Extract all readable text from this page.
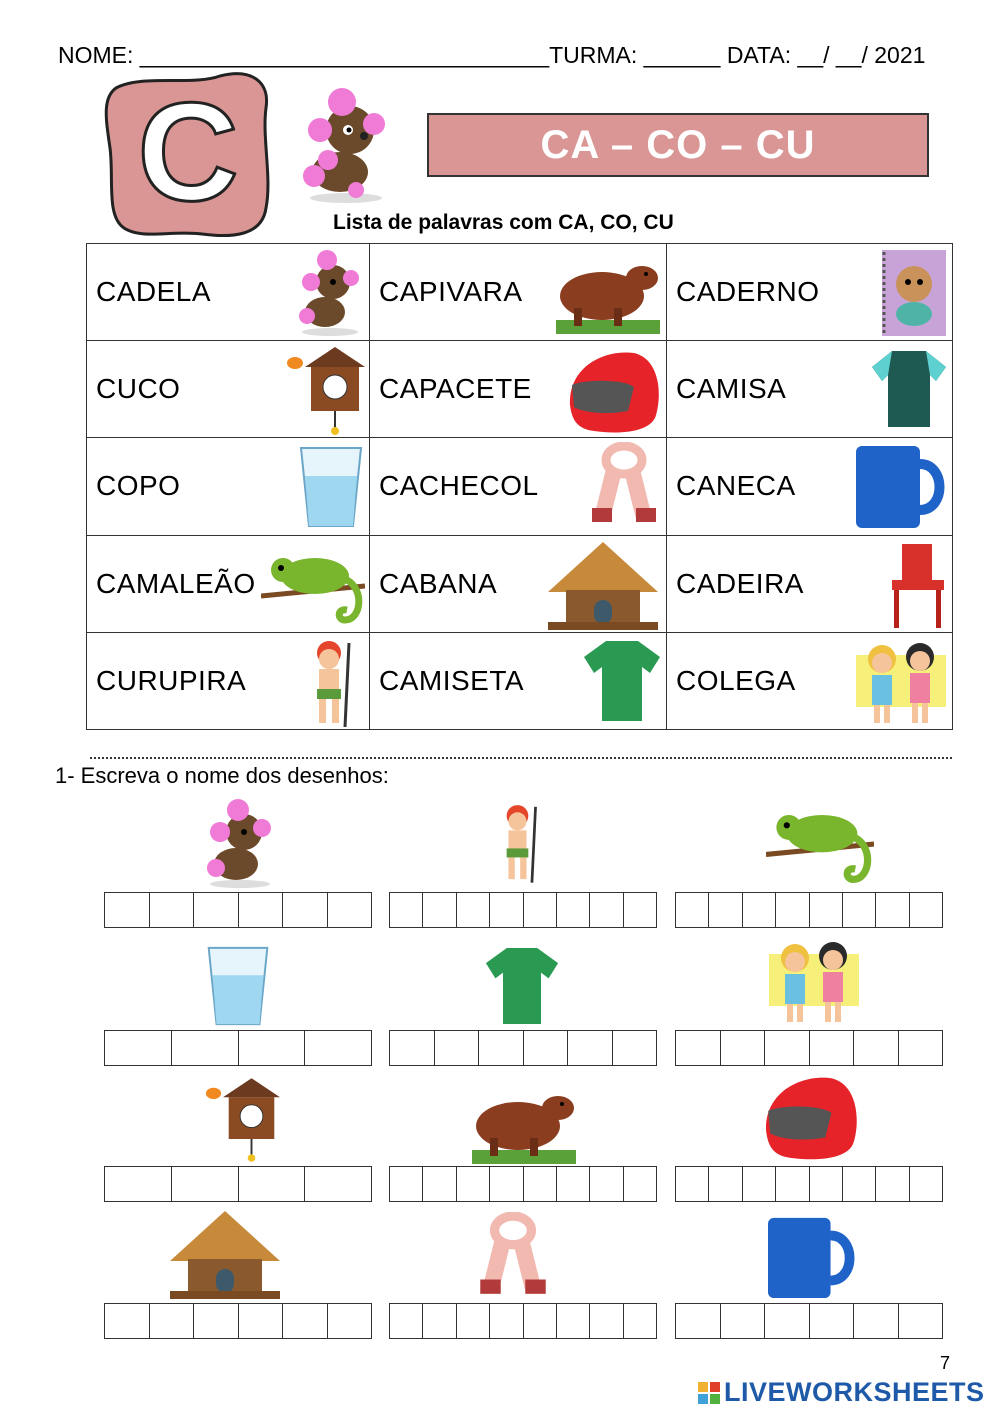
NOME: ________________________________TURMA: ______ DATA: __/ __/ 2021
C	CA – CO – CU
Lista de palavras com CA, CO, CU
CADELA	CAPIVARA	CADERNO

CUCO	CAPACETE	CAMISA

COPO	CACHECOL	CANECA

CAMALEÃO	CABANA	CADEIRA

CURUPIRA	CAMISETA	COLEGA
1- Escreva o nome dos desenhos:
7
LIVEWORKSHEETS
